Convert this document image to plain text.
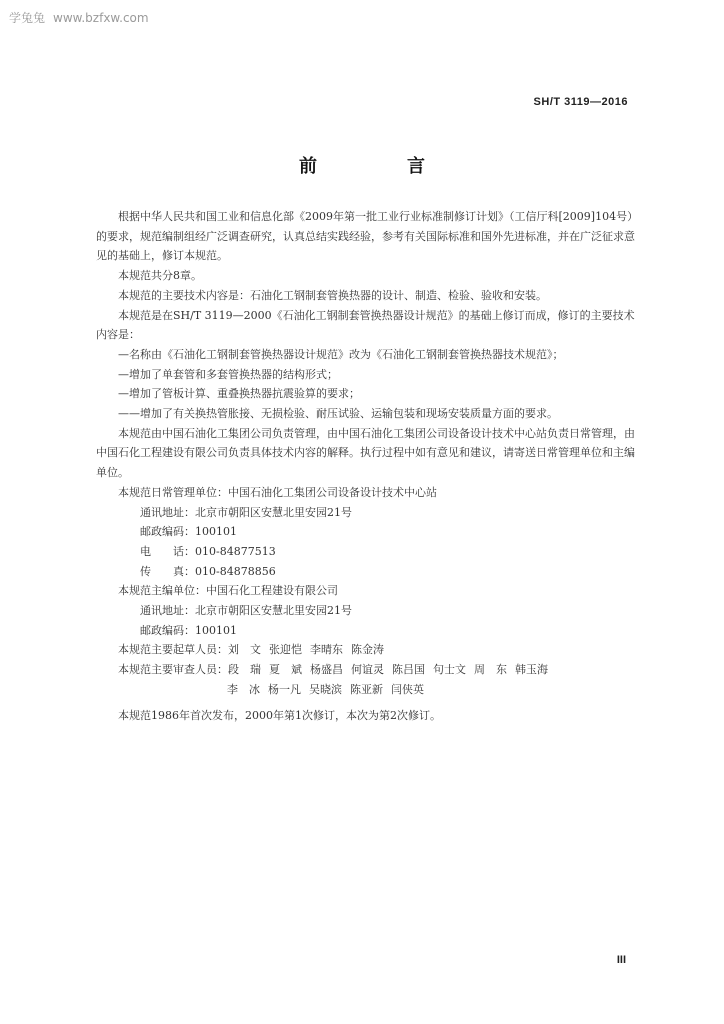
学兔兔 www.bzfxw.com
SH/T 3119—2016
前　言

根据中华人民共和国工业和信息化部《2009年第一批工业行业标准制修订计划》（工信厅科[2009]104号）的要求，规范编制组经广泛调查研究，认真总结实践经验，参考有关国际标准和国外先进标准，并在广泛征求意见的基础上，修订本规范。

本规范共分8章。

本规范的主要技术内容是：石油化工钢制套管换热器的设计、制造、检验、验收和安装。

本规范是在SH/T 3119—2000《石油化工钢制套管换热器设计规范》的基础上修订而成，修订的主要技术内容是：

—名称由《石油化工钢制套管换热器设计规范》改为《石油化工钢制套管换热器技术规范》；

—增加了单套管和多套管换热器的结构形式；

—增加了管板计算、重叠换热器抗震验算的要求；

——增加了有关换热管胀接、无损检验、耐压试验、运输包装和现场安装质量方面的要求。

本规范由中国石油化工集团公司负责管理，由中国石油化工集团公司设备设计技术中心站负责日常管理，由中国石化工程建设有限公司负责具体技术内容的解释。执行过程中如有意见和建议，请寄送日常管理单位和主编单位。

本规范日常管理单位：中国石油化工集团公司设备设计技术中心站

通讯地址：北京市朝阳区安慧北里安园21号

邮政编码：100101

电　　话：010-84877513

传　　真：010-84878856

本规范主编单位：中国石化工程建设有限公司

通讯地址：北京市朝阳区安慧北里安园21号

邮政编码：100101

本规范主要起草人员：刘　文 张迎恺 李晴东 陈金涛

本规范主要审查人员：段　瑞 夏　斌 杨盛昌 何谊灵 陈吕国 句士文 周　东 韩玉海

李　冰 杨一凡 吴晓滨 陈亚新 闫侠英

本规范1986年首次发布，2000年第1次修订，本次为第2次修订。
III
